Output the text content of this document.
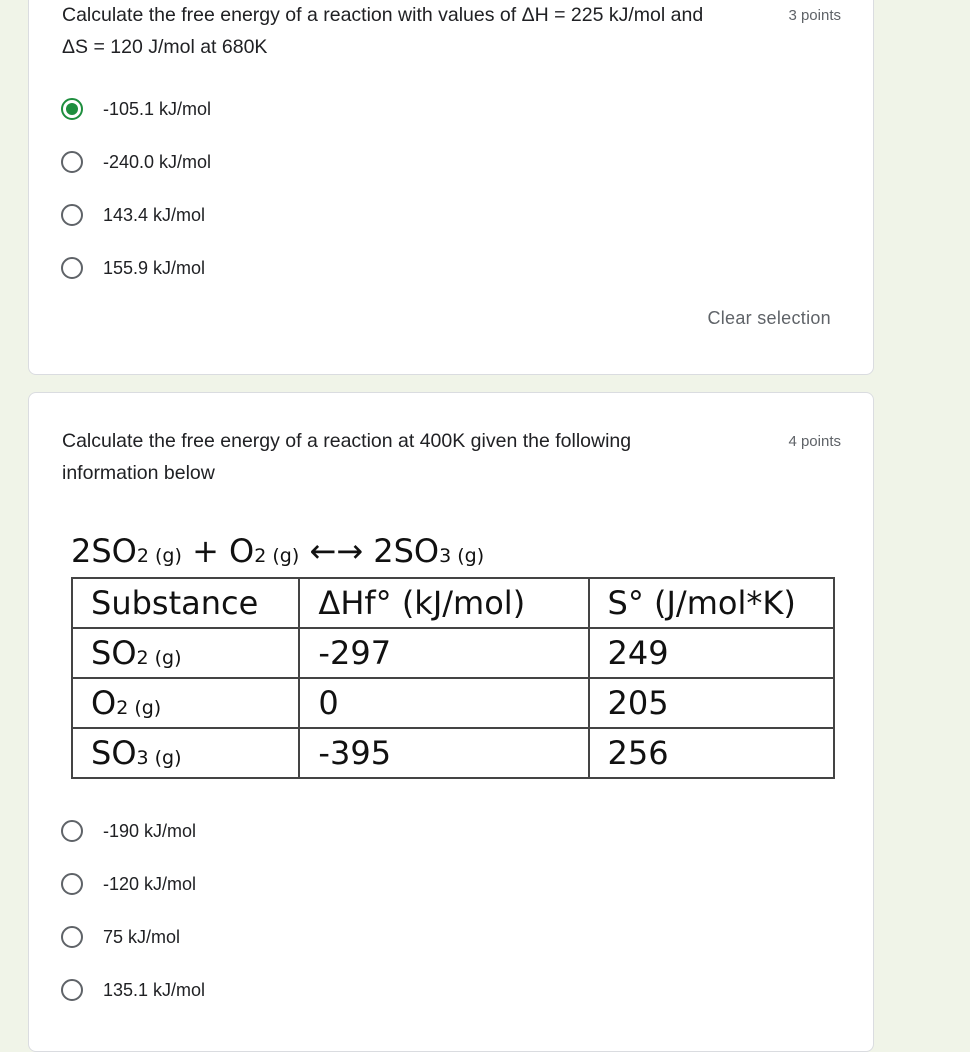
Calculate the free energy of a reaction with values of ΔH = 225 kJ/mol and
ΔS = 120 J/mol at 680K
3 points
-105.1 kJ/mol
-240.0 kJ/mol
143.4 kJ/mol
155.9 kJ/mol
Clear selection
Calculate the free energy of a reaction at 400K given the following
information below
4 points
2SO2 (g) + O2 (g) ←→ 2SO3 (g)
Substance	ΔHf° (kJ/mol)	S° (J/mol*K)
SO2 (g)	-297	249
O2 (g)	0	205
SO3 (g)	-395	256
-190 kJ/mol
-120 kJ/mol
75 kJ/mol
135.1 kJ/mol
